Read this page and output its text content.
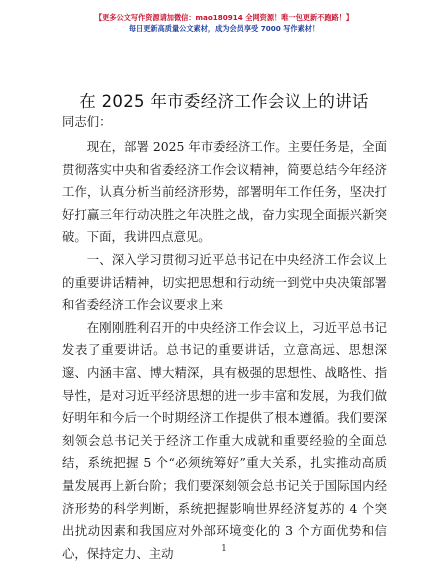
【更多公文写作资源请加微信：mao180914 全网资源！唯一包更新不跑路！】
每日更新高质量公文素材，成为会员享受 7000 写作素材！
在 2025 年市委经济工作会议上的讲话
同志们：

现在，部署 2025 年市委经济工作。主要任务是，全面贯彻落实中央和省委经济工作会议精神，简要总结今年经济工作，认真分析当前经济形势，部署明年工作任务，坚决打好打赢三年行动决胜之年决胜之战，奋力实现全面振兴新突破。下面，我讲四点意见。

一、深入学习贯彻习近平总书记在中央经济工作会议上的重要讲话精神，切实把思想和行动统一到党中央决策部署和省委经济工作会议要求上来

在刚刚胜利召开的中央经济工作会议上，习近平总书记发表了重要讲话。总书记的重要讲话，立意高远、思想深邃、内涵丰富、博大精深，具有极强的思想性、战略性、指导性，是对习近平经济思想的进一步丰富和发展，为我们做好明年和今后一个时期经济工作提供了根本遵循。我们要深刻领会总书记关于经济工作重大成就和重要经验的全面总结，系统把握 5 个“必须统筹好”重大关系，扎实推动高质量发展再上新台阶；我们要深刻领会总书记关于国际国内经济形势的科学判断，系统把握影响世界经济复苏的 4 个突出扰动因素和我国应对外部环境变化的 3 个方面优势和信心，保持定力、主动	1
